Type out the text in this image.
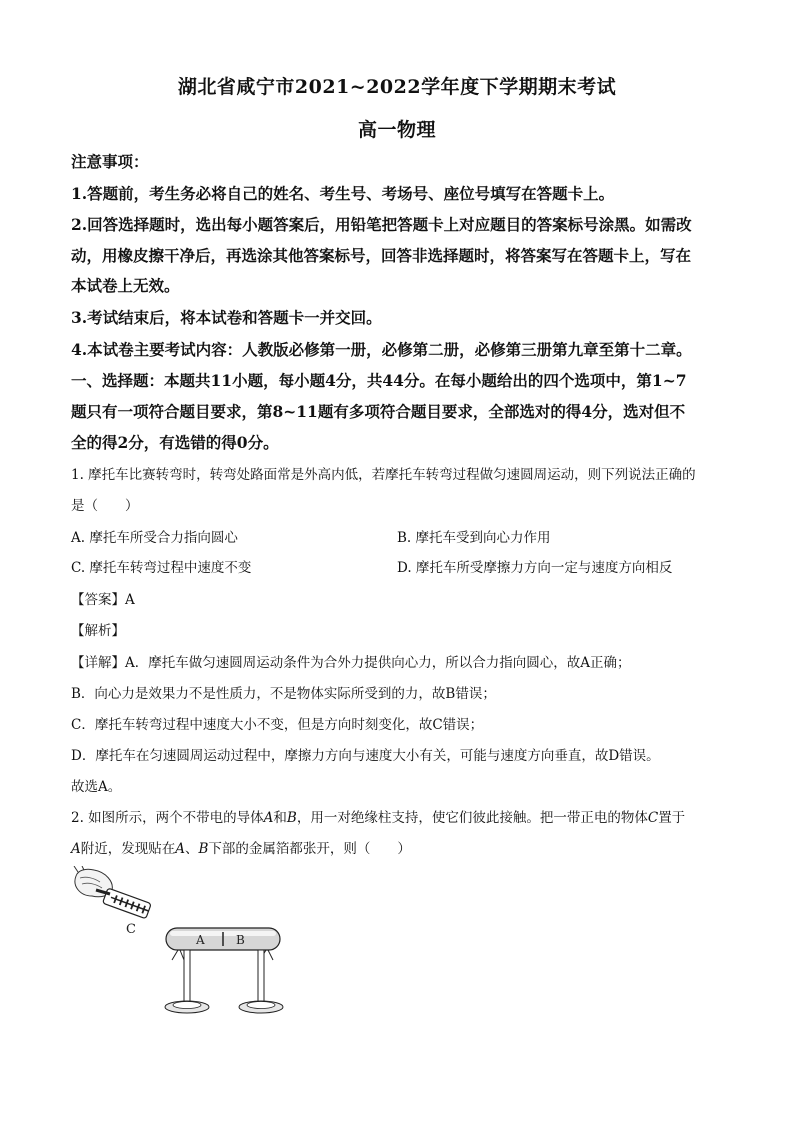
湖北省咸宁市2021~2022学年度下学期期末考试
高一物理
注意事项：
1.答题前，考生务必将自己的姓名、考生号、考场号、座位号填写在答题卡上。
2.回答选择题时，选出每小题答案后，用铅笔把答题卡上对应题目的答案标号涂黑。如需改
动，用橡皮擦干净后，再选涂其他答案标号，回答非选择题时，将答案写在答题卡上，写在
本试卷上无效。
3.考试结束后，将本试卷和答题卡一并交回。
4.本试卷主要考试内容：人教版必修第一册，必修第二册，必修第三册第九章至第十二章。
一、选择题：本题共11小题，每小题4分，共44分。在每小题给出的四个选项中，第1~7
题只有一项符合题目要求，第8~11题有多项符合题目要求，全部选对的得4分，选对但不
全的得2分，有选错的得0分。
1. 摩托车比赛转弯时，转弯处路面常是外高内低，若摩托车转弯过程做匀速圆周运动，则下列说法正确的
是（　　）
A. 摩托车所受合力指向圆心	B. 摩托车受到向心力作用
C. 摩托车转弯过程中速度不变	D. 摩托车所受摩擦力方向一定与速度方向相反
【答案】A
【解析】
【详解】A．摩托车做匀速圆周运动条件为合外力提供向心力，所以合力指向圆心，故A正确；
B．向心力是效果力不是性质力，不是物体实际所受到的力，故B错误；
C．摩托车转弯过程中速度大小不变，但是方向时刻变化，故C错误；
D．摩托车在匀速圆周运动过程中，摩擦力方向与速度大小有关，可能与速度方向垂直，故D错误。
故选A。
2. 如图所示，两个不带电的导体A和B，用一对绝缘柱支持，使它们彼此接触。把一带正电的物体C置于
A附近，发现贴在A、B下部的金属箔都张开，则（　　）
C
A	B
